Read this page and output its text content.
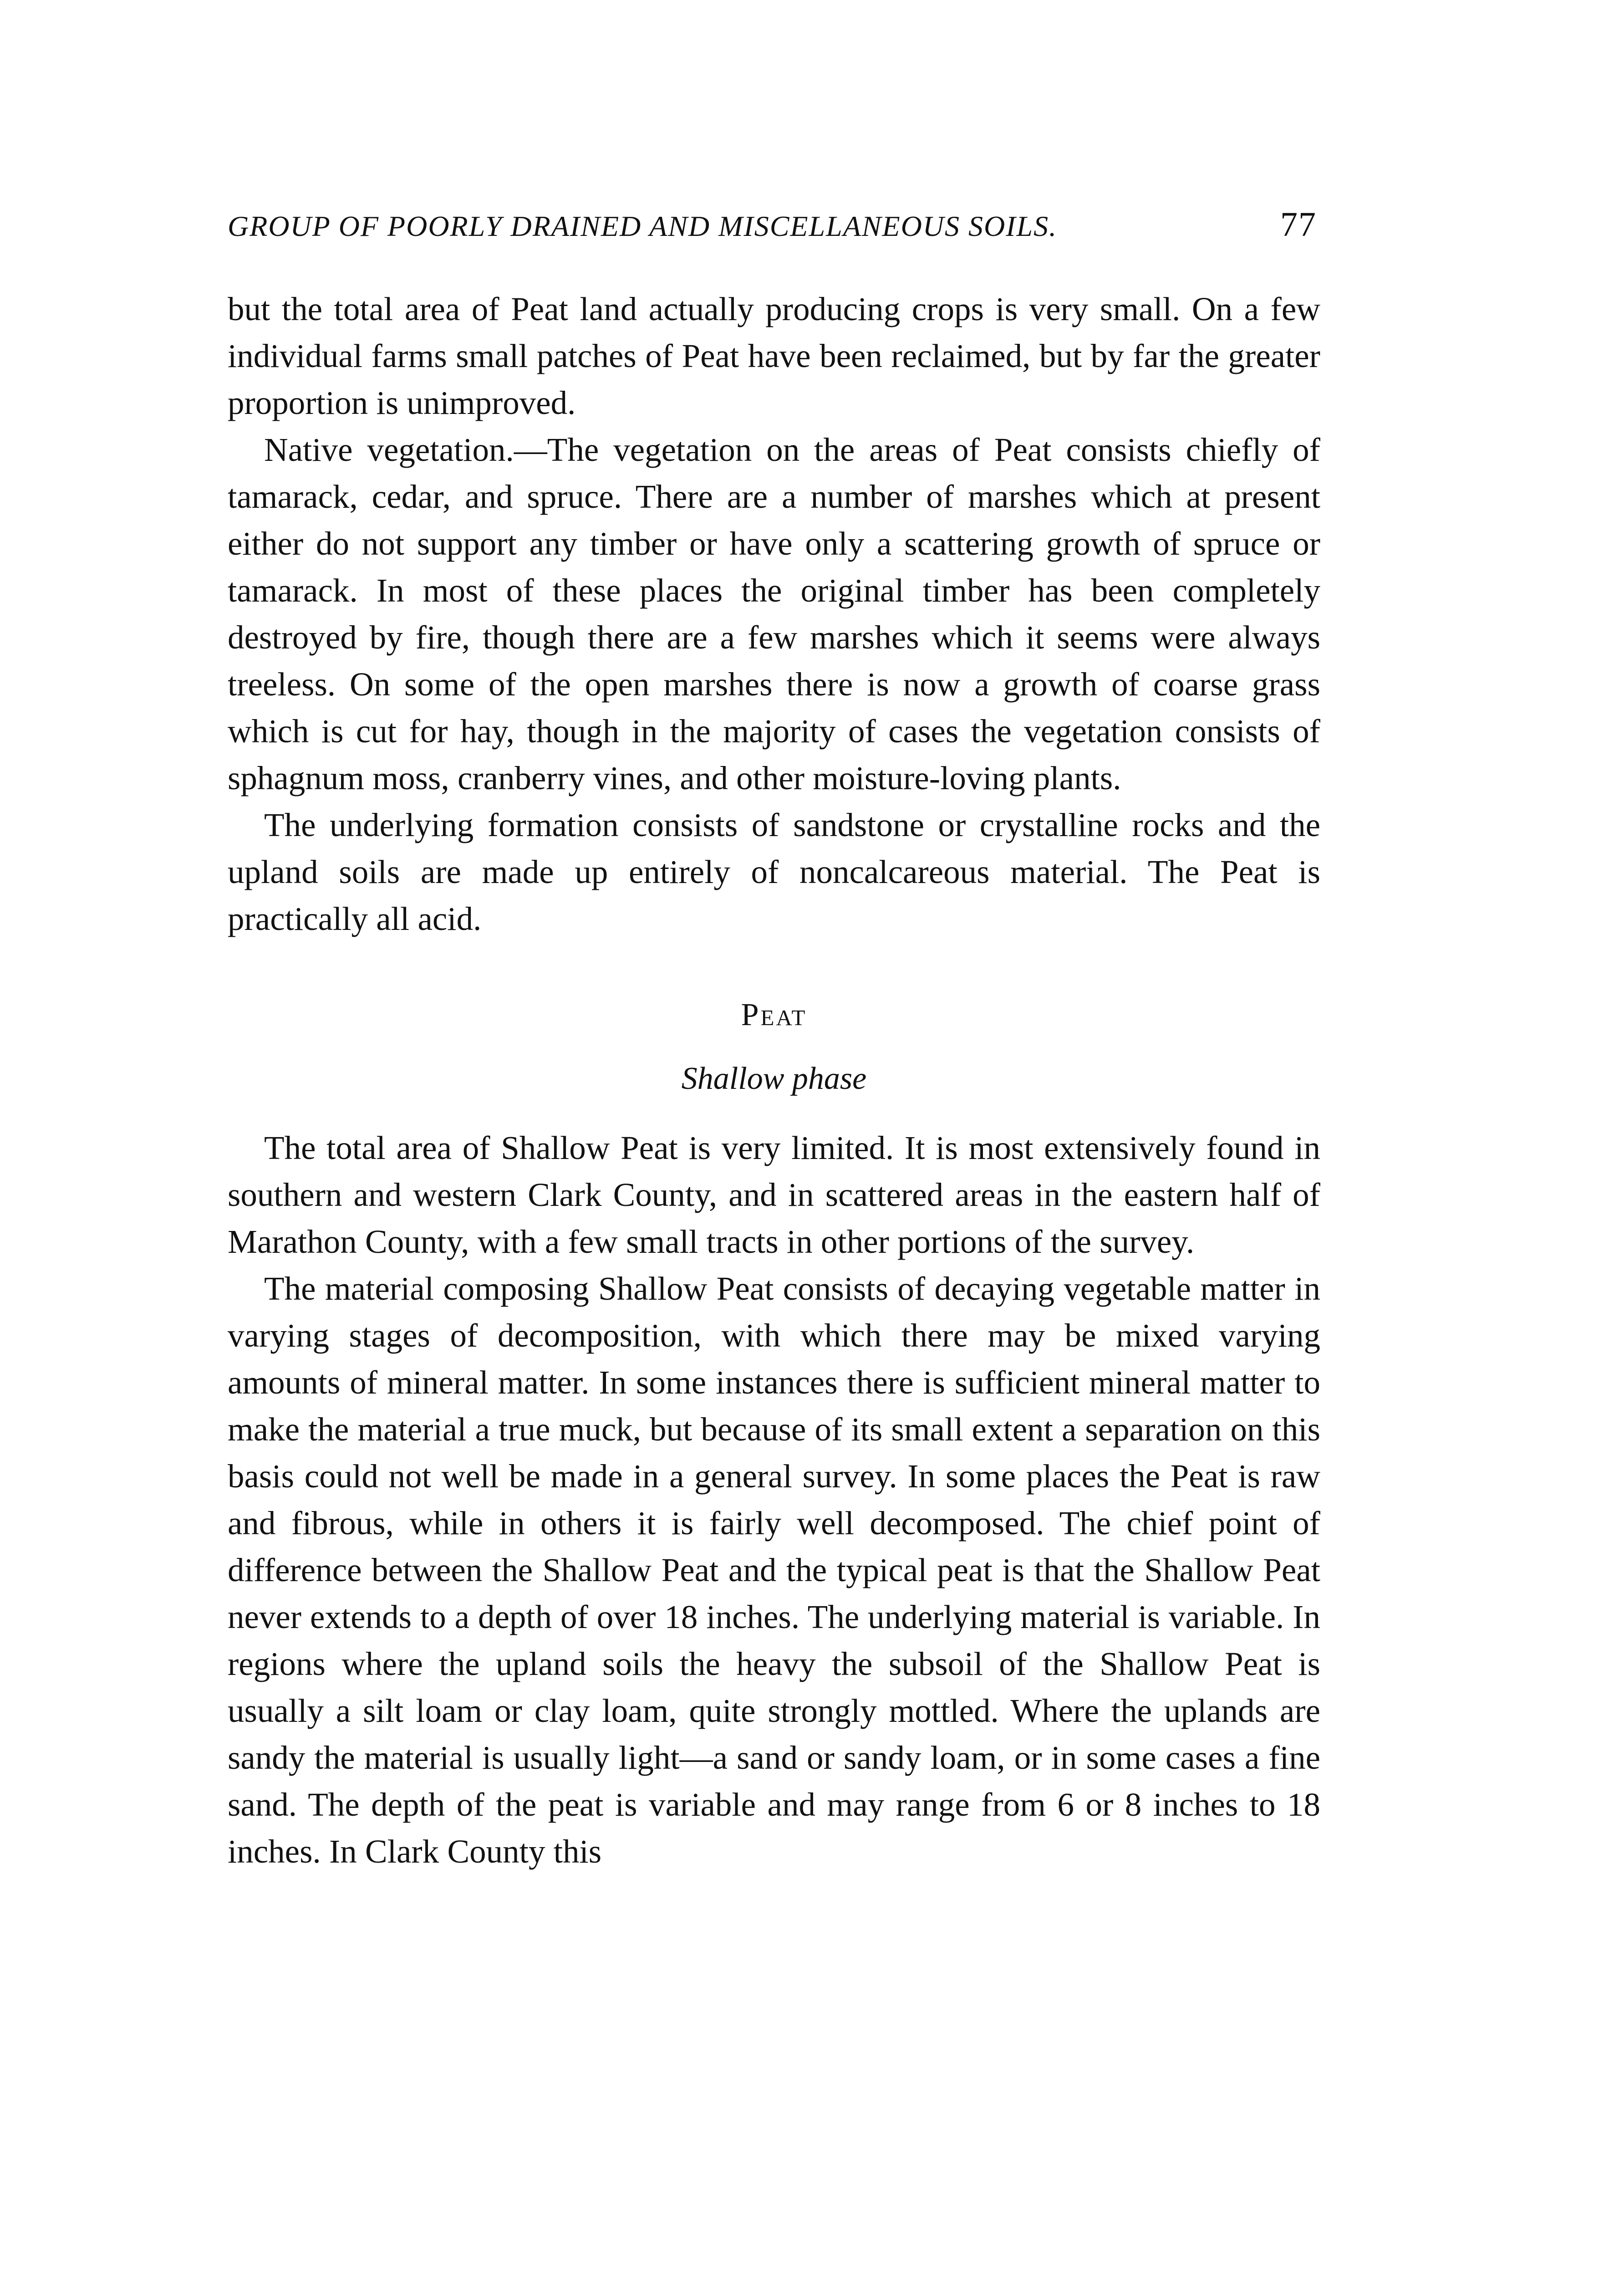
GROUP OF POORLY DRAINED AND MISCELLANEOUS SOILS.	77

but the total area of Peat land actually producing crops is very small. On a few individual farms small patches of Peat have been reclaimed, but by far the greater proportion is unimproved.

Native vegetation.—The vegetation on the areas of Peat consists chiefly of tamarack, cedar, and spruce. There are a number of marshes which at present either do not support any timber or have only a scattering growth of spruce or tamarack. In most of these places the original timber has been completely destroyed by fire, though there are a few marshes which it seems were always treeless. On some of the open marshes there is now a growth of coarse grass which is cut for hay, though in the majority of cases the vegetation consists of sphagnum moss, cranberry vines, and other moisture-loving plants.

The underlying formation consists of sandstone or crystalline rocks and the upland soils are made up entirely of noncalcareous material. The Peat is practically all acid.

Peat
Shallow phase

The total area of Shallow Peat is very limited. It is most extensively found in southern and western Clark County, and in scattered areas in the eastern half of Marathon County, with a few small tracts in other portions of the survey.

The material composing Shallow Peat consists of decaying vegetable matter in varying stages of decomposition, with which there may be mixed varying amounts of mineral matter. In some instances there is sufficient mineral matter to make the material a true muck, but because of its small extent a separation on this basis could not well be made in a general survey. In some places the Peat is raw and fibrous, while in others it is fairly well decomposed. The chief point of difference between the Shallow Peat and the typical peat is that the Shallow Peat never extends to a depth of over 18 inches. The underlying material is variable. In regions where the upland soils the heavy the subsoil of the Shallow Peat is usually a silt loam or clay loam, quite strongly mottled. Where the uplands are sandy the material is usually light—a sand or sandy loam, or in some cases a fine sand. The depth of the peat is variable and may range from 6 or 8 inches to 18 inches. In Clark County this
